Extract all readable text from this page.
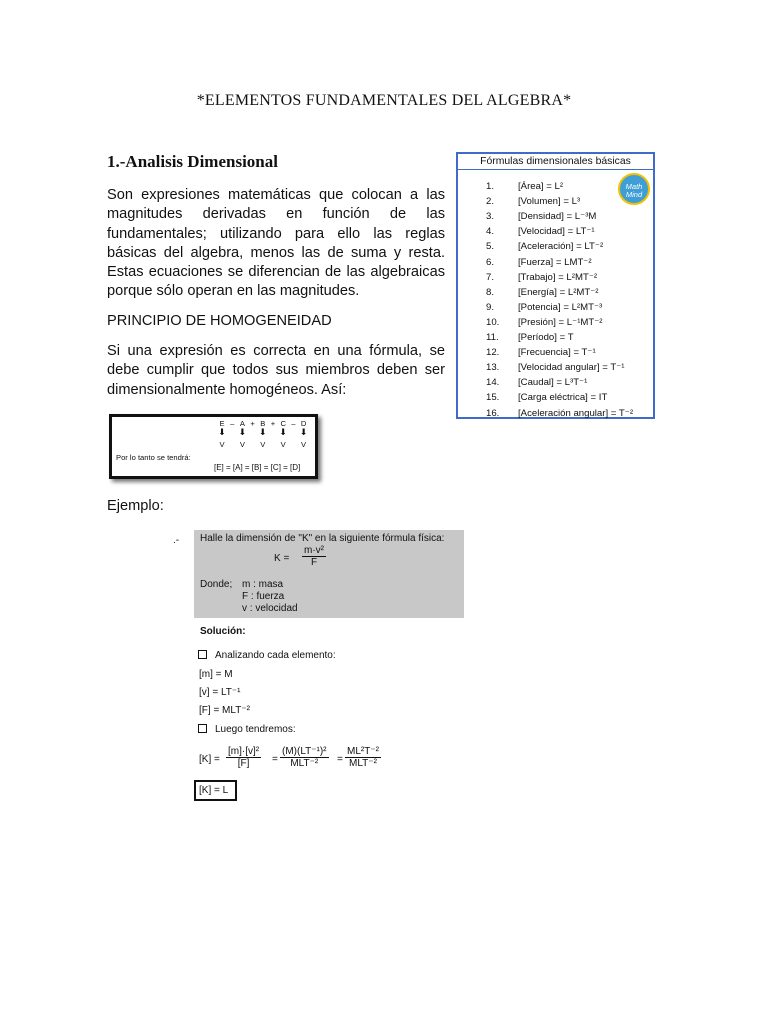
*ELEMENTOS FUNDAMENTALES DEL ALGEBRA*
1.-Analisis Dimensional
Son expresiones matemáticas que colocan a las magnitudes derivadas en función de las fundamentales; utilizando para ello las reglas básicas del algebra, menos las de suma y resta. Estas ecuaciones se diferencian de las algebraicas porque sólo operan en las magnitudes.
PRINCIPIO DE HOMOGENEIDAD
Si una expresión es correcta en una fórmula, se debe cumplir que todos sus miembros deben ser dimensionalmente homogéneos. Así:
Fórmulas dimensionales básicas
Math Mind
1. [Área] = L²
2. [Volumen] = L³
3. [Densidad] = L⁻³M
4. [Velocidad] = LT⁻¹
5. [Aceleración] = LT⁻²
6. [Fuerza] = LMT⁻²
7. [Trabajo] = L²MT⁻²
8. [Energía] = L²MT⁻²
9. [Potencia] = L²MT⁻³
10. [Presión] = L⁻¹MT⁻²
11. [Período] = T
12. [Frecuencia] = T⁻¹
13. [Velocidad angular] = T⁻¹
14. [Caudal] = L³T⁻¹
15. [Carga eléctrica] = IT
16. [Aceleración angular] = T⁻²
E – A + B + C – D
⬇
V
⬇
V
⬇
V
⬇
V
⬇
V
Por lo tanto se tendrá:
[E] = [A] = [B] = [C] = [D]
Ejemplo:
.- Halle la dimensión de "K" en la siguiente fórmula física:
$K = \frac{\text{m·v²}}{F}$
Donde; m : masa
F : fuerza
v : velocidad
Solución:
Analizando cada elemento:
[m] = M
[v] = LT⁻¹
[F] = MLT⁻²
Luego tendremos:
$[K] = \frac{\text{[m]·[v]²}}{[F]}$ =
(M)(LT⁻¹)²
MLT⁻²	=
ML²T⁻²
MLT⁻²
[K] = L
